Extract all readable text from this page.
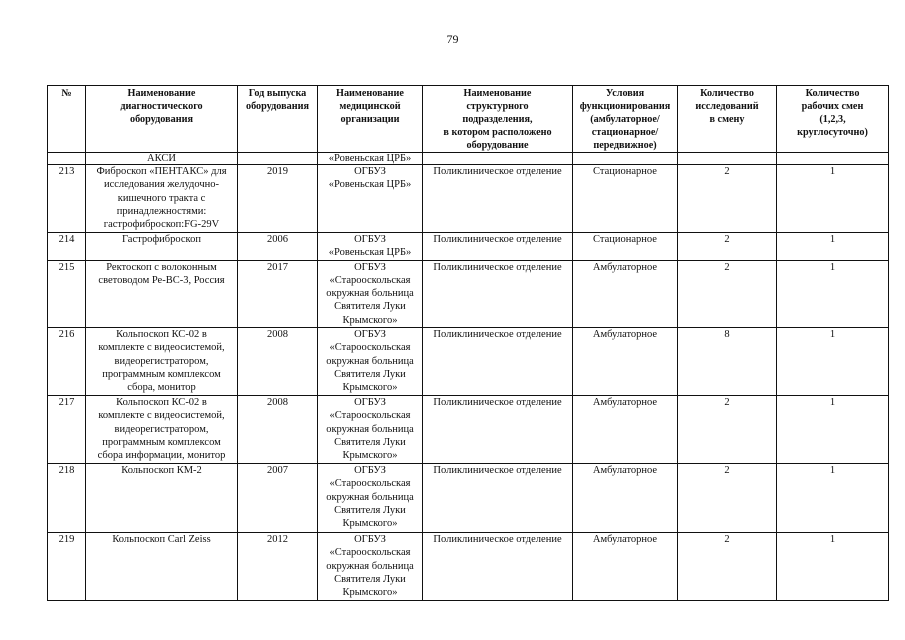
79
№	Наименование
диагностического
оборудования	Год выпуска
оборудования	Наименование
медицинской
организации	Наименование
структурного
подразделения,
в котором расположено
оборудование	Условия
функционирования
(амбулаторное/
стационарное/
передвижное)	Количество
исследований
в смену	Количество
рабочих смен
(1,2,3,
круглосуточно)
	АКСИ		«Ровеньская ЦРБ»				
213	Фиброскоп «ПЕНТАКС» для
исследования желудочно-
кишечного тракта с
принадлежностями:
гастрофиброскоп:FG-29V	2019	ОГБУЗ
«Ровеньская ЦРБ»	Поликлиническое отделение	Стационарное	2	1
214	Гастрофиброскоп	2006	ОГБУЗ
«Ровеньская ЦРБ»	Поликлиническое отделение	Стационарное	2	1
215	Ректоскоп с волоконным
световодом Ре-ВС-3, Россия	2017	ОГБУЗ
«Старооскольская
окружная больница
Святителя Луки
Крымского»	Поликлиническое отделение	Амбулаторное	2	1
216	Кольпоскоп КС-02 в
комплекте с видеосистемой,
видеорегистратором,
программным комплексом
сбора, монитор	2008	ОГБУЗ
«Старооскольская
окружная больница
Святителя Луки
Крымского»	Поликлиническое отделение	Амбулаторное	8	1
217	Кольпоскоп КС-02 в
комплекте с видеосистемой,
видеорегистратором,
программным комплексом
сбора информации, монитор	2008	ОГБУЗ
«Старооскольская
окружная больница
Святителя Луки
Крымского»	Поликлиническое отделение	Амбулаторное	2	1
218	Кольпоскоп КМ-2	2007	ОГБУЗ
«Старооскольская
окружная больница
Святителя Луки
Крымского»	Поликлиническое отделение	Амбулаторное	2	1
219	Кольпоскоп Carl Zeiss	2012	ОГБУЗ
«Старооскольская
окружная больница
Святителя Луки
Крымского»	Поликлиническое отделение	Амбулаторное	2	1
